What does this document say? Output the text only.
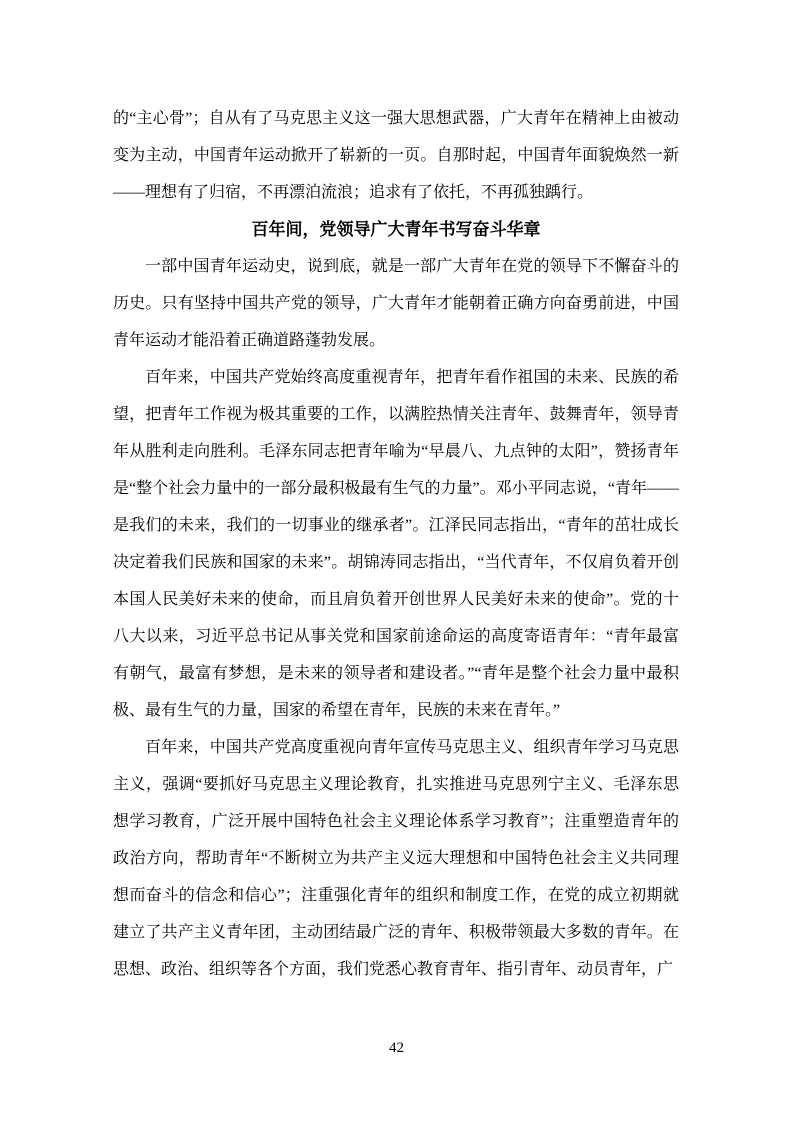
的“主心骨”；自从有了马克思主义这一强大思想武器，广大青年在精神上由被动变为主动，中国青年运动掀开了崭新的一页。自那时起，中国青年面貌焕然一新——理想有了归宿，不再漂泊流浪；追求有了依托，不再孤独踽行。

百年间，党领导广大青年书写奋斗华章

一部中国青年运动史，说到底，就是一部广大青年在党的领导下不懈奋斗的历史。只有坚持中国共产党的领导，广大青年才能朝着正确方向奋勇前进，中国青年运动才能沿着正确道路蓬勃发展。

百年来，中国共产党始终高度重视青年，把青年看作祖国的未来、民族的希望，把青年工作视为极其重要的工作，以满腔热情关注青年、鼓舞青年，领导青年从胜利走向胜利。毛泽东同志把青年喻为“早晨八、九点钟的太阳”，赞扬青年是“整个社会力量中的一部分最积极最有生气的力量”。邓小平同志说，“青年——是我们的未来，我们的一切事业的继承者”。江泽民同志指出，“青年的茁壮成长决定着我们民族和国家的未来”。胡锦涛同志指出，“当代青年，不仅肩负着开创本国人民美好未来的使命，而且肩负着开创世界人民美好未来的使命”。党的十八大以来，习近平总书记从事关党和国家前途命运的高度寄语青年：“青年最富有朝气，最富有梦想，是未来的领导者和建设者。”“青年是整个社会力量中最积极、最有生气的力量，国家的希望在青年，民族的未来在青年。”

百年来，中国共产党高度重视向青年宣传马克思主义、组织青年学习马克思主义，强调“要抓好马克思主义理论教育，扎实推进马克思列宁主义、毛泽东思想学习教育，广泛开展中国特色社会主义理论体系学习教育”；注重塑造青年的政治方向，帮助青年“不断树立为共产主义远大理想和中国特色社会主义共同理想而奋斗的信念和信心”；注重强化青年的组织和制度工作，在党的成立初期就建立了共产主义青年团，主动团结最广泛的青年、积极带领最大多数的青年。在思想、政治、组织等各个方面，我们党悉心教育青年、指引青年、动员青年，广

42
